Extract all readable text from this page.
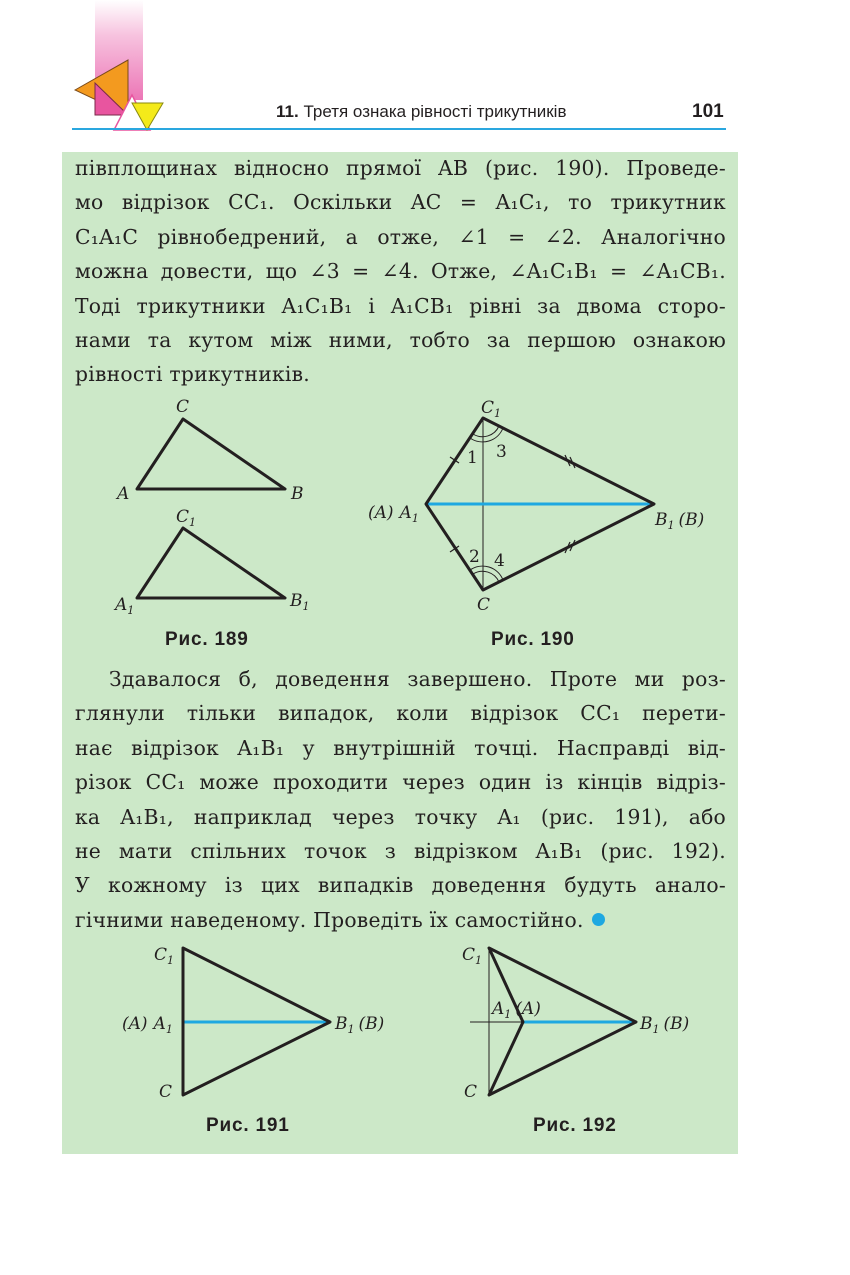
11. Третя ознака рівності трикутників	101
півплощинах відносно прямої AB (рис. 190). Проведе-
мо відрізок CC₁. Оскільки AC = A₁C₁, то трикутник
C₁A₁C рівнобедрений, а отже, ∠1 = ∠2. Аналогічно
можна довести, що ∠3 = ∠4. Отже, ∠A₁C₁B₁ = ∠A₁CB₁.
Тоді трикутники A₁C₁B₁ і A₁CB₁ рівні за двома сторо-
нами та кутом між ними, тобто за першою ознакою
рівності трикутників.
C
A	B
$C_1$
$A_1$	$B_1$
Рис. 189
$C_1$
1 3
2 4
(A) $A_1$	$B_1$ (B)
C
Рис. 190
Здавалося б, доведення завершено. Проте ми роз-
глянули тільки випадок, коли відрізок CC₁ перети-
нає відрізок A₁B₁ у внутрішній точці. Насправді від-
різок CC₁ може проходити через один із кінців відріз-
ка A₁B₁, наприклад через точку A₁ (рис. 191), або
не мати спільних точок з відрізком A₁B₁ (рис. 192).
У кожному із цих випадків доведення будуть анало-
гічними наведеному. Проведіть їх самостійно.
$C_1$
(A) $A_1$	$B_1$ (B)
C
Рис. 191
$C_1$
$A_1$ (A)
$B_1$ (B)
C
Рис. 192
